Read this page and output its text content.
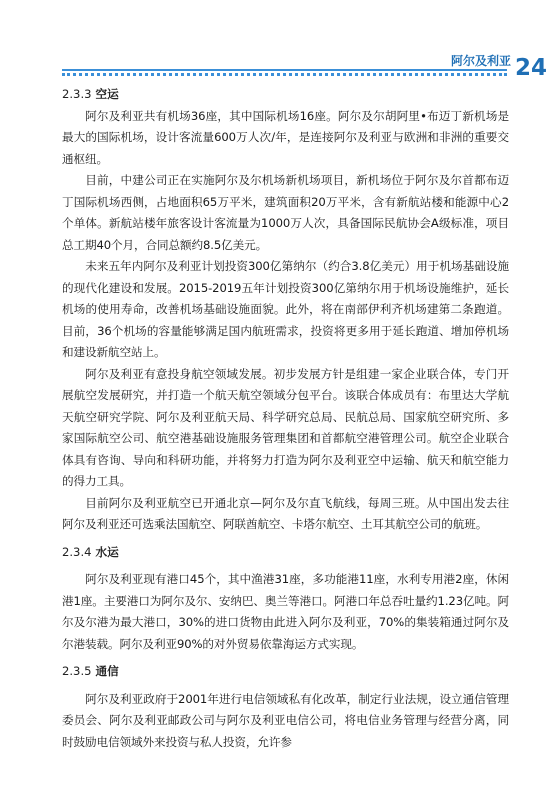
阿尔及利亚 24
2.3.3 空运

阿尔及利亚共有机场36座，其中国际机场16座。阿尔及尔胡阿里•布迈丁新机场是最大的国际机场，设计客流量600万人次/年，是连接阿尔及利亚与欧洲和非洲的重要交通枢纽。

目前，中建公司正在实施阿尔及尔机场新机场项目，新机场位于阿尔及尔首都布迈丁国际机场西侧，占地面积65万平米，建筑面积20万平米，含有新航站楼和能源中心2个单体。新航站楼年旅客设计客流量为1000万人次，具备国际民航协会A级标准，项目总工期40个月，合同总额约8.5亿美元。

未来五年内阿尔及利亚计划投资300亿第纳尔（约合3.8亿美元）用于机场基础设施的现代化建设和发展。2015-2019五年计划投资300亿第纳尔用于机场设施维护，延长机场的使用寿命，改善机场基础设施面貌。此外，将在南部伊利齐机场建第二条跑道。目前，36个机场的容量能够满足国内航班需求，投资将更多用于延长跑道、增加停机场和建设新航空站上。

阿尔及利亚有意投身航空领域发展。初步发展方针是组建一家企业联合体，专门开展航空发展研究，并打造一个航天航空领域分包平台。该联合体成员有：布里达大学航天航空研究学院、阿尔及利亚航天局、科学研究总局、民航总局、国家航空研究所、多家国际航空公司、航空港基础设施服务管理集团和首都航空港管理公司。航空企业联合体具有咨询、导向和科研功能，并将努力打造为阿尔及利亚空中运输、航天和航空能力的得力工具。

目前阿尔及利亚航空已开通北京—阿尔及尔直飞航线，每周三班。从中国出发去往阿尔及利亚还可选乘法国航空、阿联酋航空、卡塔尔航空、土耳其航空公司的航班。

2.3.4 水运

阿尔及利亚现有港口45个，其中渔港31座，多功能港11座，水利专用港2座，休闲港1座。主要港口为阿尔及尔、安纳巴、奥兰等港口。阿港口年总吞吐量约1.23亿吨。阿尔及尔港为最大港口，30%的进口货物由此进入阿尔及利亚，70%的集装箱通过阿尔及尔港装载。阿尔及利亚90%的对外贸易依靠海运方式实现。

2.3.5 通信

阿尔及利亚政府于2001年进行电信领域私有化改革，制定行业法规，设立通信管理委员会、阿尔及利亚邮政公司与阿尔及利亚电信公司，将电信业务管理与经营分离，同时鼓励电信领域外来投资与私人投资，允许参
